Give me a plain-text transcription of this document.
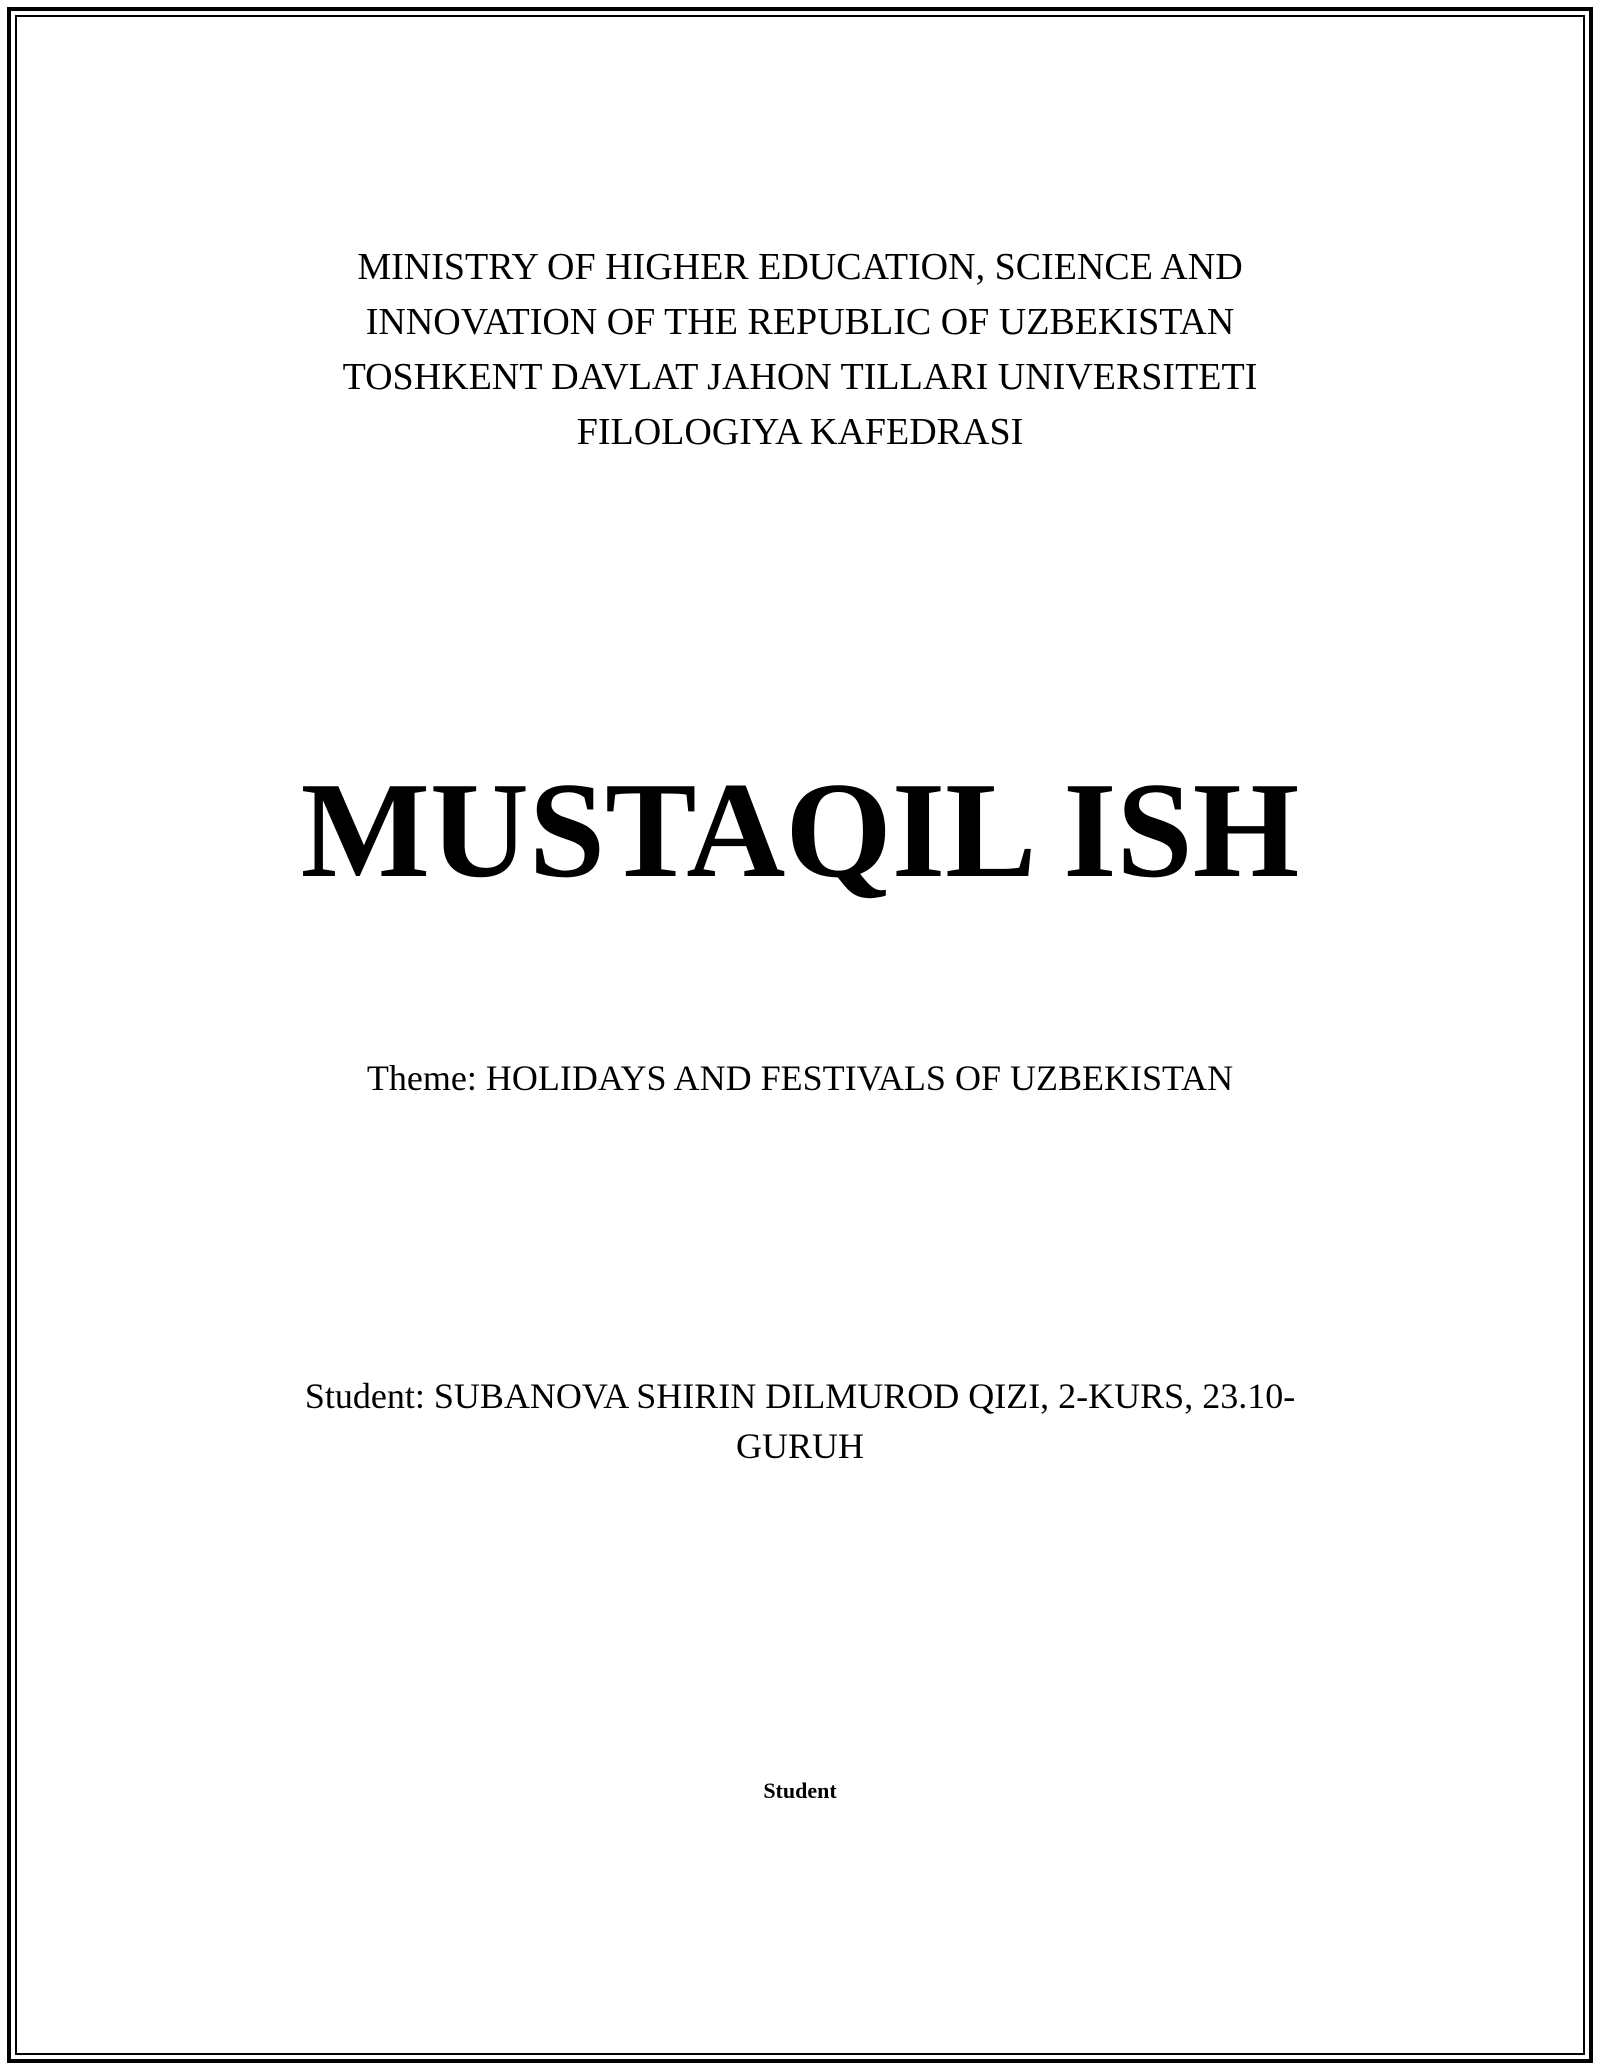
MINISTRY OF HIGHER EDUCATION, SCIENCE AND
INNOVATION OF THE REPUBLIC OF UZBEKISTAN
TOSHKENT DAVLAT JAHON TILLARI UNIVERSITETI
FILOLOGIYA KAFEDRASI
MUSTAQIL ISH
Theme: HOLIDAYS AND FESTIVALS OF UZBEKISTAN
Student: SUBANOVA SHIRIN DILMUROD QIZI, 2-KURS, 23.10-
GURUH
Student
